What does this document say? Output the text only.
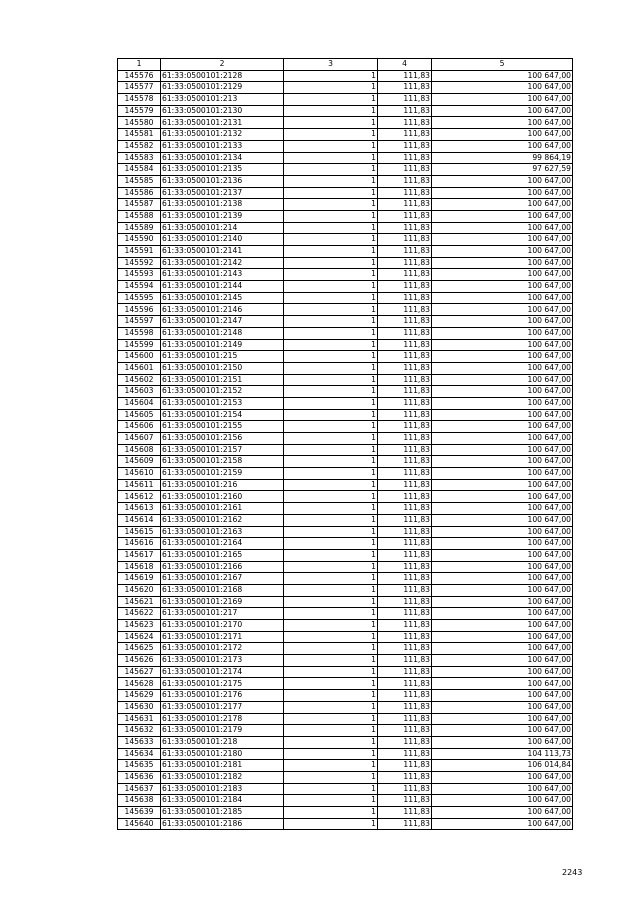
1	2	3	4	5
145576	61:33:0500101:2128	1	111,83	100 647,00
145577	61:33:0500101:2129	1	111,83	100 647,00
145578	61:33:0500101:213	1	111,83	100 647,00
145579	61:33:0500101:2130	1	111,83	100 647,00
145580	61:33:0500101:2131	1	111,83	100 647,00
145581	61:33:0500101:2132	1	111,83	100 647,00
145582	61:33:0500101:2133	1	111,83	100 647,00
145583	61:33:0500101:2134	1	111,83	99 864,19
145584	61:33:0500101:2135	1	111,83	97 627,59
145585	61:33:0500101:2136	1	111,83	100 647,00
145586	61:33:0500101:2137	1	111,83	100 647,00
145587	61:33:0500101:2138	1	111,83	100 647,00
145588	61:33:0500101:2139	1	111,83	100 647,00
145589	61:33:0500101:214	1	111,83	100 647,00
145590	61:33:0500101:2140	1	111,83	100 647,00
145591	61:33:0500101:2141	1	111,83	100 647,00
145592	61:33:0500101:2142	1	111,83	100 647,00
145593	61:33:0500101:2143	1	111,83	100 647,00
145594	61:33:0500101:2144	1	111,83	100 647,00
145595	61:33:0500101:2145	1	111,83	100 647,00
145596	61:33:0500101:2146	1	111,83	100 647,00
145597	61:33:0500101:2147	1	111,83	100 647,00
145598	61:33:0500101:2148	1	111,83	100 647,00
145599	61:33:0500101:2149	1	111,83	100 647,00
145600	61:33:0500101:215	1	111,83	100 647,00
145601	61:33:0500101:2150	1	111,83	100 647,00
145602	61:33:0500101:2151	1	111,83	100 647,00
145603	61:33:0500101:2152	1	111,83	100 647,00
145604	61:33:0500101:2153	1	111,83	100 647,00
145605	61:33:0500101:2154	1	111,83	100 647,00
145606	61:33:0500101:2155	1	111,83	100 647,00
145607	61:33:0500101:2156	1	111,83	100 647,00
145608	61:33:0500101:2157	1	111,83	100 647,00
145609	61:33:0500101:2158	1	111,83	100 647,00
145610	61:33:0500101:2159	1	111,83	100 647,00
145611	61:33:0500101:216	1	111,83	100 647,00
145612	61:33:0500101:2160	1	111,83	100 647,00
145613	61:33:0500101:2161	1	111,83	100 647,00
145614	61:33:0500101:2162	1	111,83	100 647,00
145615	61:33:0500101:2163	1	111,83	100 647,00
145616	61:33:0500101:2164	1	111,83	100 647,00
145617	61:33:0500101:2165	1	111,83	100 647,00
145618	61:33:0500101:2166	1	111,83	100 647,00
145619	61:33:0500101:2167	1	111,83	100 647,00
145620	61:33:0500101:2168	1	111,83	100 647,00
145621	61:33:0500101:2169	1	111,83	100 647,00
145622	61:33:0500101:217	1	111,83	100 647,00
145623	61:33:0500101:2170	1	111,83	100 647,00
145624	61:33:0500101:2171	1	111,83	100 647,00
145625	61:33:0500101:2172	1	111,83	100 647,00
145626	61:33:0500101:2173	1	111,83	100 647,00
145627	61:33:0500101:2174	1	111,83	100 647,00
145628	61:33:0500101:2175	1	111,83	100 647,00
145629	61:33:0500101:2176	1	111,83	100 647,00
145630	61:33:0500101:2177	1	111,83	100 647,00
145631	61:33:0500101:2178	1	111,83	100 647,00
145632	61:33:0500101:2179	1	111,83	100 647,00
145633	61:33:0500101:218	1	111,83	100 647,00
145634	61:33:0500101:2180	1	111,83	104 113,73
145635	61:33:0500101:2181	1	111,83	106 014,84
145636	61:33:0500101:2182	1	111,83	100 647,00
145637	61:33:0500101:2183	1	111,83	100 647,00
145638	61:33:0500101:2184	1	111,83	100 647,00
145639	61:33:0500101:2185	1	111,83	100 647,00
145640	61:33:0500101:2186	1	111,83	100 647,00
2243
